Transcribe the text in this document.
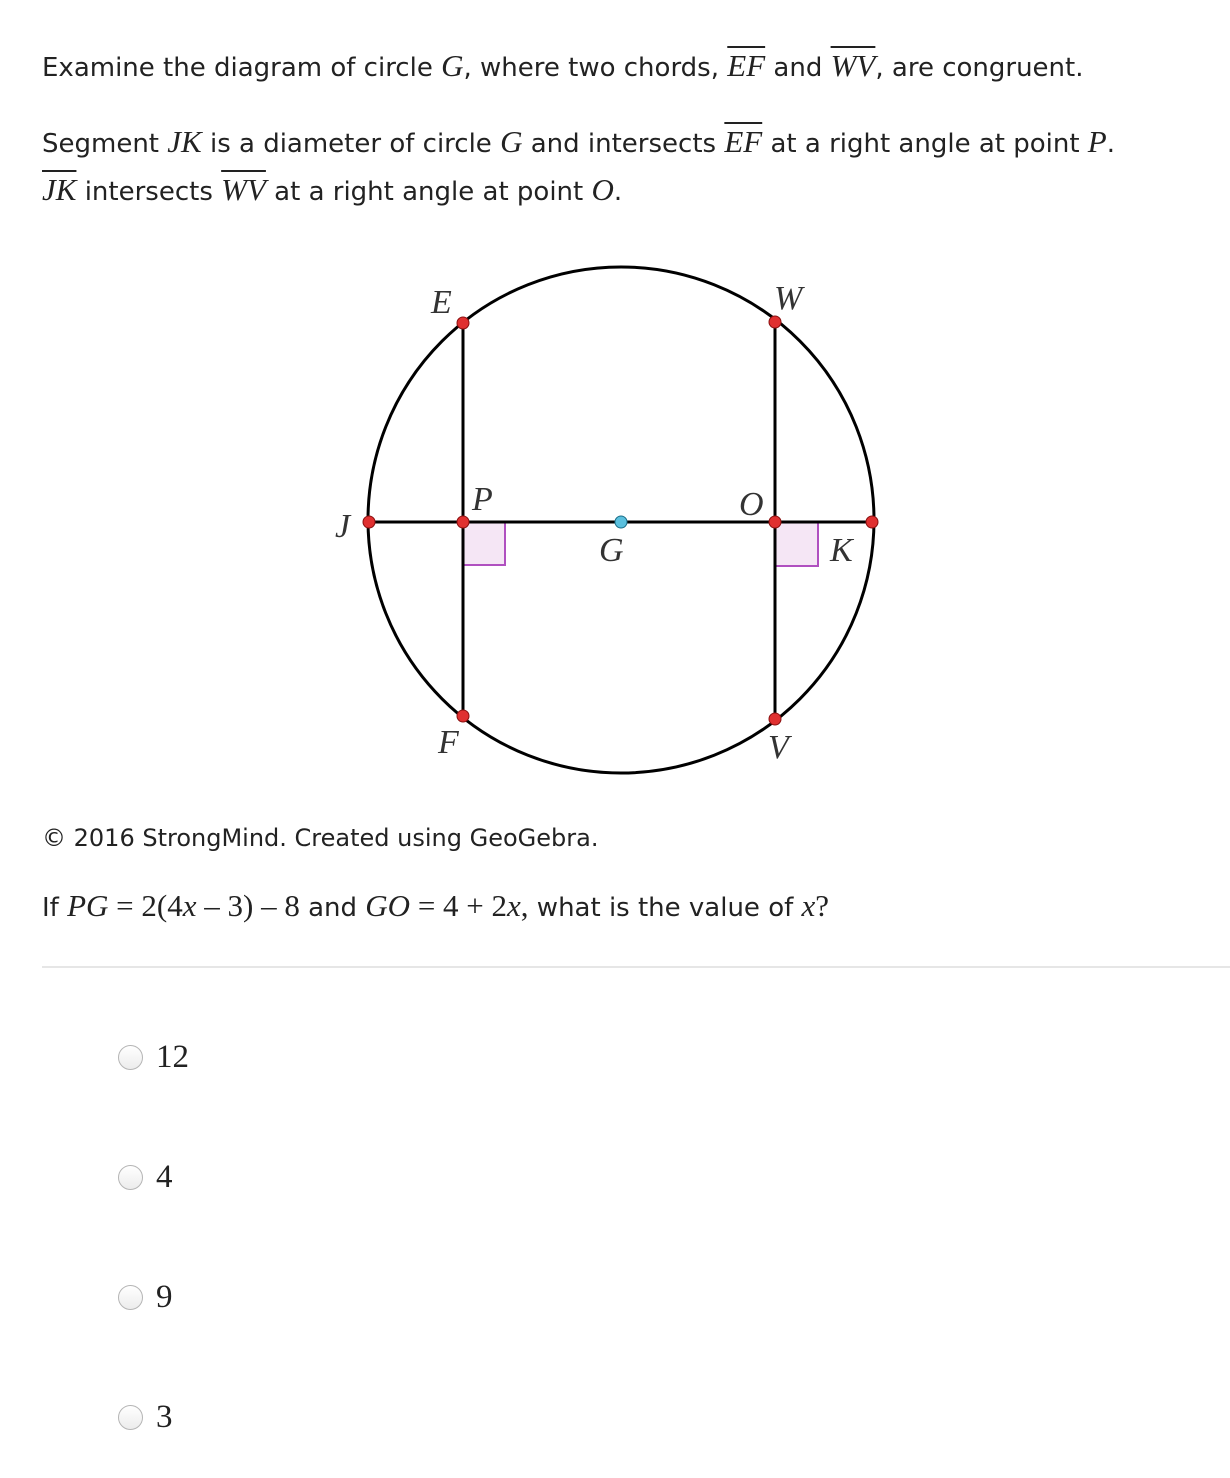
Examine the diagram of circle G, where two chords, $\overline{EF}$ and $\overline{WV}$, are congruent.
Segment JK is a diameter of circle G and intersects $\overline{EF}$ at a right angle at point P.
$\overline{JK}$ intersects $\overline{WV}$ at a right angle at point O.
E	W
J
P	O
G	K
F	V
© 2016 StrongMind. Created using GeoGebra.
If PG = 2(4x – 3) – 8 and GO = 4 + 2x, what is the value of x?
12
4
9
3
